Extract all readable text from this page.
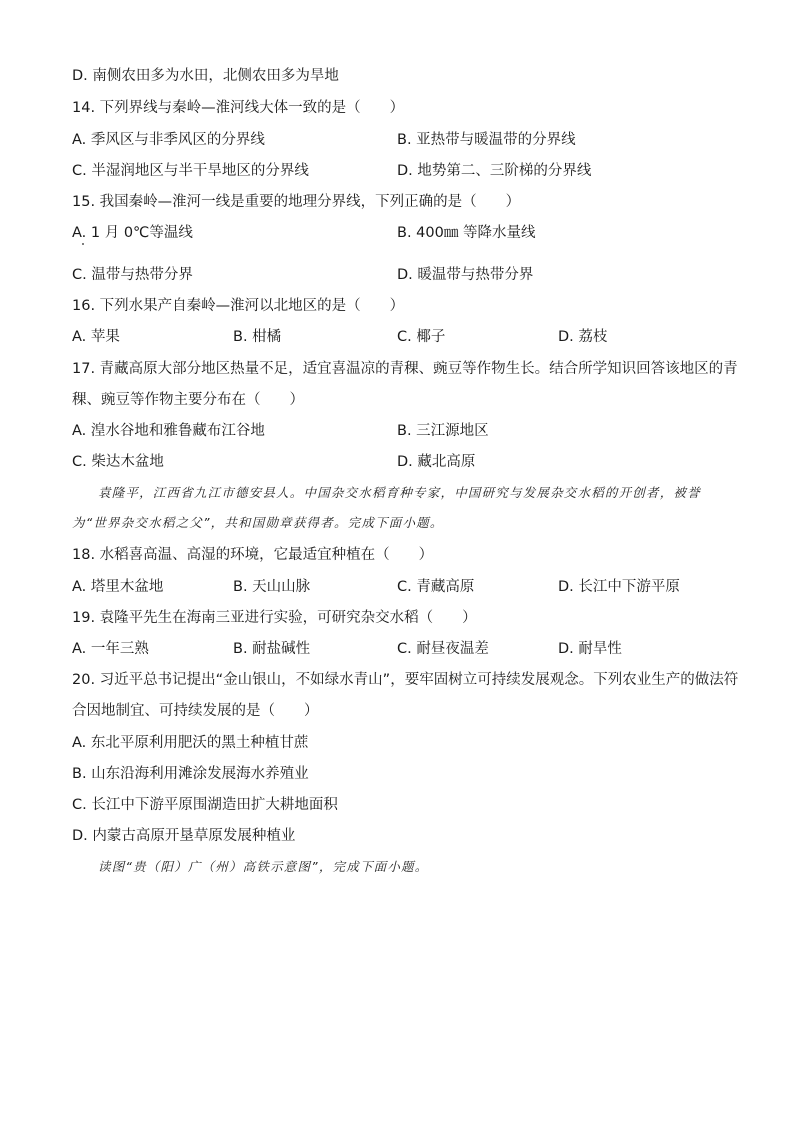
D. 南侧农田多为水田，北侧农田多为旱地
14. 下列界线与秦岭—淮河线大体一致的是（　　）
A. 季风区与非季风区的分界线	B. 亚热带与暖温带的分界线
C. 半湿润地区与半干旱地区的分界线	D. 地势第二、三阶梯的分界线
15. 我国秦岭—淮河一线是重要的地理分界线，下列正确的是（　　）
A. 1 月 0℃等温线	B. 400㎜ 等降水量线
C. 温带与热带分界	D. 暖温带与热带分界
16. 下列水果产自秦岭—淮河以北地区的是（　　）
A. 苹果	B. 柑橘	C. 椰子	D. 荔枝
17. 青藏高原大部分地区热量不足，适宜喜温凉的青稞、豌豆等作物生长。结合所学知识回答该地区的青
稞、豌豆等作物主要分布在（　　）
A. 湟水谷地和雅鲁藏布江谷地	B. 三江源地区
C. 柴达木盆地	D. 藏北高原
袁隆平，江西省九江市德安县人。中国杂交水稻育种专家，中国研究与发展杂交水稻的开创者，被誉
为“世界杂交水稻之父”，共和国勋章获得者。完成下面小题。
18. 水稻喜高温、高湿的环境，它最适宜种植在（　　）
A. 塔里木盆地	B. 天山山脉	C. 青藏高原	D. 长江中下游平原
19. 袁隆平先生在海南三亚进行实验，可研究杂交水稻（　　）
A. 一年三熟	B. 耐盐碱性	C. 耐昼夜温差	D. 耐旱性
20. 习近平总书记提出“金山银山，不如绿水青山”，要牢固树立可持续发展观念。下列农业生产的做法符
合因地制宜、可持续发展的是（　　）
A. 东北平原利用肥沃的黑土种植甘蔗
B. 山东沿海利用滩涂发展海水养殖业
C. 长江中下游平原围湖造田扩大耕地面积
D. 内蒙古高原开垦草原发展种植业
读图“贵（阳）广（州）高铁示意图”，完成下面小题。
